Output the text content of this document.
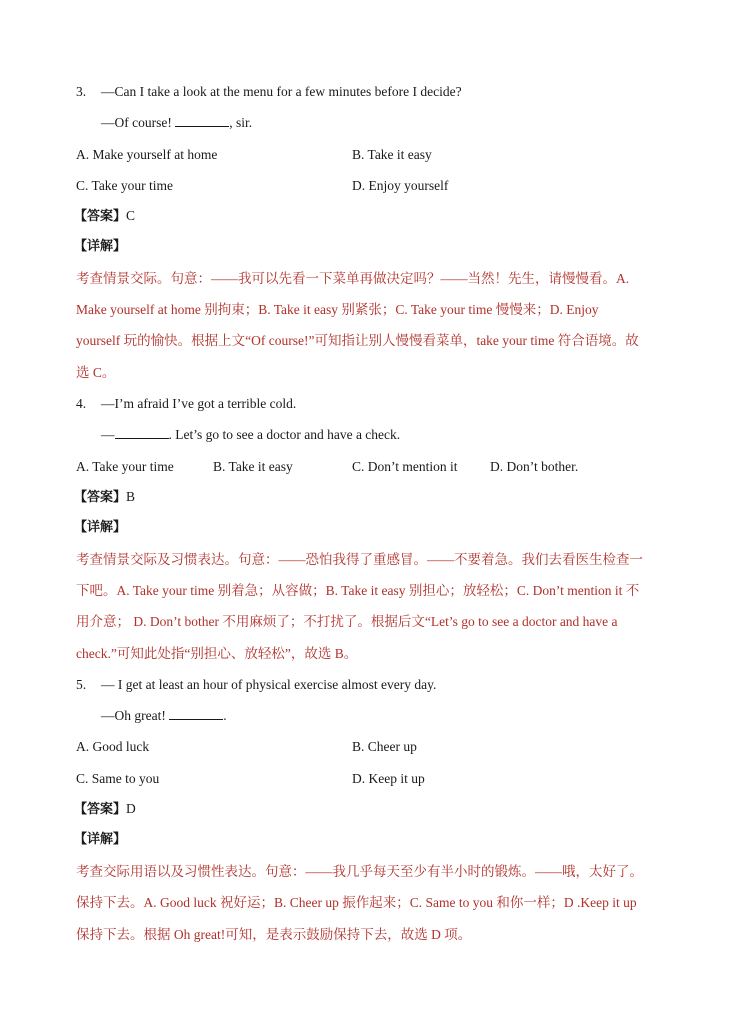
3. —Can I take a look at the menu for a few minutes before I decide?
—Of course!	, sir.
A. Make yourself at home	B. Take it easy
C. Take your time	D. Enjoy yourself
【答案】C
【详解】
考查情景交际。句意：——我可以先看一下菜单再做决定吗？——当然！先生，请慢慢看。A.
Make yourself at home 别拘束；B. Take it easy 别紧张；C. Take your time 慢慢来；D. Enjoy
yourself 玩的愉快。根据上文“Of course!”可知指让别人慢慢看菜单，take your time 符合语境。故
选 C。
4. —I’m afraid I’ve got a terrible cold.
—	. Let’s go to see a doctor and have a check.
A. Take your time	B. Take it easy	C. Don’t mention it D. Don’t bother.
【答案】B
【详解】
考查情景交际及习惯表达。句意：——恐怕我得了重感冒。——不要着急。我们去看医生检查一
下吧。A. Take your time 别着急；从容做；B. Take it easy 别担心；放轻松；C. Don’t mention it 不
用介意； D. Don’t bother 不用麻烦了；不打扰了。根据后文“Let’s go to see a doctor and have a
check.”可知此处指“别担心、放轻松”，故选 B。
5. — I get at least an hour of physical exercise almost every day.
—Oh great!	.
A. Good luck	B. Cheer up
C. Same to you	D. Keep it up
【答案】D
【详解】
考查交际用语以及习惯性表达。句意：——我几乎每天至少有半小时的锻炼。——哦，太好了。
保持下去。A. Good luck 祝好运；B. Cheer up 振作起来；C. Same to you 和你一样；D .Keep it up
保持下去。根据 Oh great!可知，是表示鼓励保持下去，故选 D 项。
